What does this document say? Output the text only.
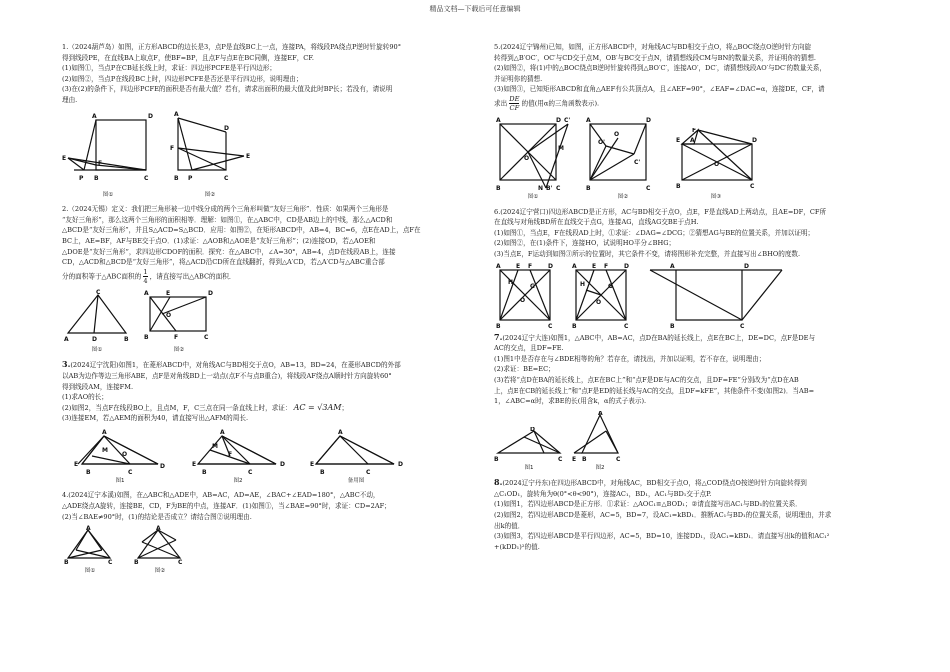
精品文档—下载后可任意编辑

1.（2024葫芦岛）如图，正方形ABCD的边长是3，点P是直线BC上一点，连接PA，将线段PA绕点P逆时针旋转90°

得到线段PE，在直线BA上取点F，使BF=BP，且点F与点E在BC同侧，连接EF，CF.

(1)如图①，当点P在CB延长线上时，求证：四边形PCFE是平行四边形；

(2)如图②，当点P在线段BC上时，四边形PCFE是否还是平行四边形，说明理由；

(3)在(2)的条件下，四边形PCFE的面积是否有最大值？若有，请求出面积的最大值及此时BP长；若没有，请说明

理由.

A	D
E
F
P B	C
图①
A
D
F
E
B P	C
图②

2.（2024无锡）定义：我们把三角形被一边中线分成的两个三角形叫做“友好三角形”．性质：如果两个三角形是

“友好三角形”，那么这两个三角形的面积相等．理解：如图①，在△ABC中，CD是AB边上的中线，那么△ACD和

△BCD是“友好三角形”，并且S△ACD=S△BCD．应用：如图②，在矩形ABCD中，AB=4，BC=6，点E在AD上，点F在

BC上，AE=BF，AF与BE交于点O．(1)求证：△AOB和△AOE是“友好三角形”；(2)连接OD，若△AOE和

△DOE是“友好三角形”，求四边形CDOF的面积．探究：在△ABC中，∠A=30°，AB=4，点D在线段AB上，连接

CD，△ACD和△BCD是“友好三角形”，将△ACD沿CD所在直线翻折，得到△A′CD，若△A′CD与△ABC重合部

分的面积等于△ABC面积的 $\frac{1}{4}$ ，请直接写出△ABC的面积．

C
A	D	B
图①
A	E	D
O
B	F	C
图②

3.(2024辽宁沈阳)如图1，在菱形ABCD中，对角线AC与BD相交于点O，AB=13，BD=24，在菱形ABCD的外部

以AB为边作等边三角形ABE，点F是对角线BD上一动点(点F不与点B重合)，将线段AF绕点A顺时针方向旋转60°

得到线段AM，连接FM.

(1)求AO的长；

(2)如图2，当点F在线段BO上，且点M，F，C三点在同一条直线上时，求证： AC = √3AM；

(3)连接EM，若△AEM的面积为40，请直接写出△AFM的周长.

E
A
D
M
O
B	C
图1
E
A
D
M
F
B	C
图2
E
A
D
B	C
备用图

4.(2024辽宁本溪)如图，在△ABC和△ADE中，AB=AC，AD=AE，∠BAC+∠EAD=180°，△ABC不动，

△ADE绕点A旋转，连接BE，CD，F为BE的中点，连接AF．(1)如图①，当∠BAE=90°时，求证：CD=2AF；

(2)当∠BAE≠90°时，(1)的结论是否成立？请结合图②说明理由.

A
B	C
图①
A
B	C
图②

5.(2024辽宁锦州)已知，如图，正方形ABCD中，对角线AC与BD相交于点O，将△BOC绕点O逆时针方向旋

转得到△B′OC′，OC′与CD交于点M，OB′与BC交于点N，请猜想线段CM与BN的数量关系，并证明你的猜想.

(2)如图②，将(1)中的△BOC绕点B逆时针旋转得到△BO′C′，连接AO′，DC′，请猜想线段AO′与DC′的数量关系，

并证明你的猜想.

(3)如图③，已知矩形ABCD和直角△AEF有公共顶点A，且∠AEF=90°，∠EAF=∠DAC=α，连接DE，CF，请

求出 $\frac{DE}{CF}$ 的值(用α的三角函数表示).

A	D
O
M
C'
B	N B' C
图①
A	D
O'
C'
O
B	C
图②
A	D
F
E
O
B	C
图③

6.(2024辽宁营口)四边形ABCD是正方形，AC与BD相交于点O，点E，F是直线AD上两动点，且AE=DF，CF所

在直线与对角线BD所在直线交于点G，连接AG，直线AG交BE于点H.

(1)如图①，当点E，F在线段AD上时，①求证：∠DAG=∠DCG；②猜想AG与BE的位置关系，并加以证明；

(2)如图②，在(1)条件下，连接HO，试说明HO平分∠BHG；

(3)当点E，F运动到如图③所示的位置时，其它条件不变，请将图形补充完整，并直接写出∠BHO的度数.

A	E F	D
H
G
O
B	C
A	E F	D
H	G
O
B	C
A	D
B	C

7.(2024辽宁大连)如图1，△ABC中，AB=AC，点D在BA的延长线上，点E在BC上，DE=DC，点F是DE与

AC的交点，且DF=FE.

(1)图1中是否存在与∠BDE相等的角？若存在，请找出，并加以证明，若不存在，说明理由；

(2)求证：BE=EC；

(3)若将“点D在BA的延长线上，点E在BC上”和“点F是DE与AC的交点，且DF=FE”分别改为“点D在AB

上，点E在CB的延长线上”和“点F是ED的延长线与AC的交点，且DF=kFE”，其他条件不变(如图2)．当AB=

1，∠ABC=α时，求BE的长(用含k，α的式子表示).

D
B	C
图1
A
E B	C
图2

8.(2024辽宁丹东)在四边形ABCD中，对角线AC，BD相交于点O，将△COD绕点O按逆时针方向旋转得到

△C₁OD₁，旋转角为θ(0°<θ<90°)，连接AC₁，BD₁，AC₁与BD₁交于点P.

(1)如图1，若四边形ABCD是正方形．①求证：△AOC₁≌△BOD₁；②请直接写出AC₁与BD₁的位置关系．

(2)如图2，若四边形ABCD是菱形，AC=5，BD=7，设AC₁=kBD₁．推断AC₁与BD₁的位置关系，说明理由，并求

出k的值．

(3)如图3，若四边形ABCD是平行四边形，AC=5，BD=10，连接DD₁，设AC₁=kBD₁．请直接写出k的值和AC₁²

+(kDD₁)²的值.
